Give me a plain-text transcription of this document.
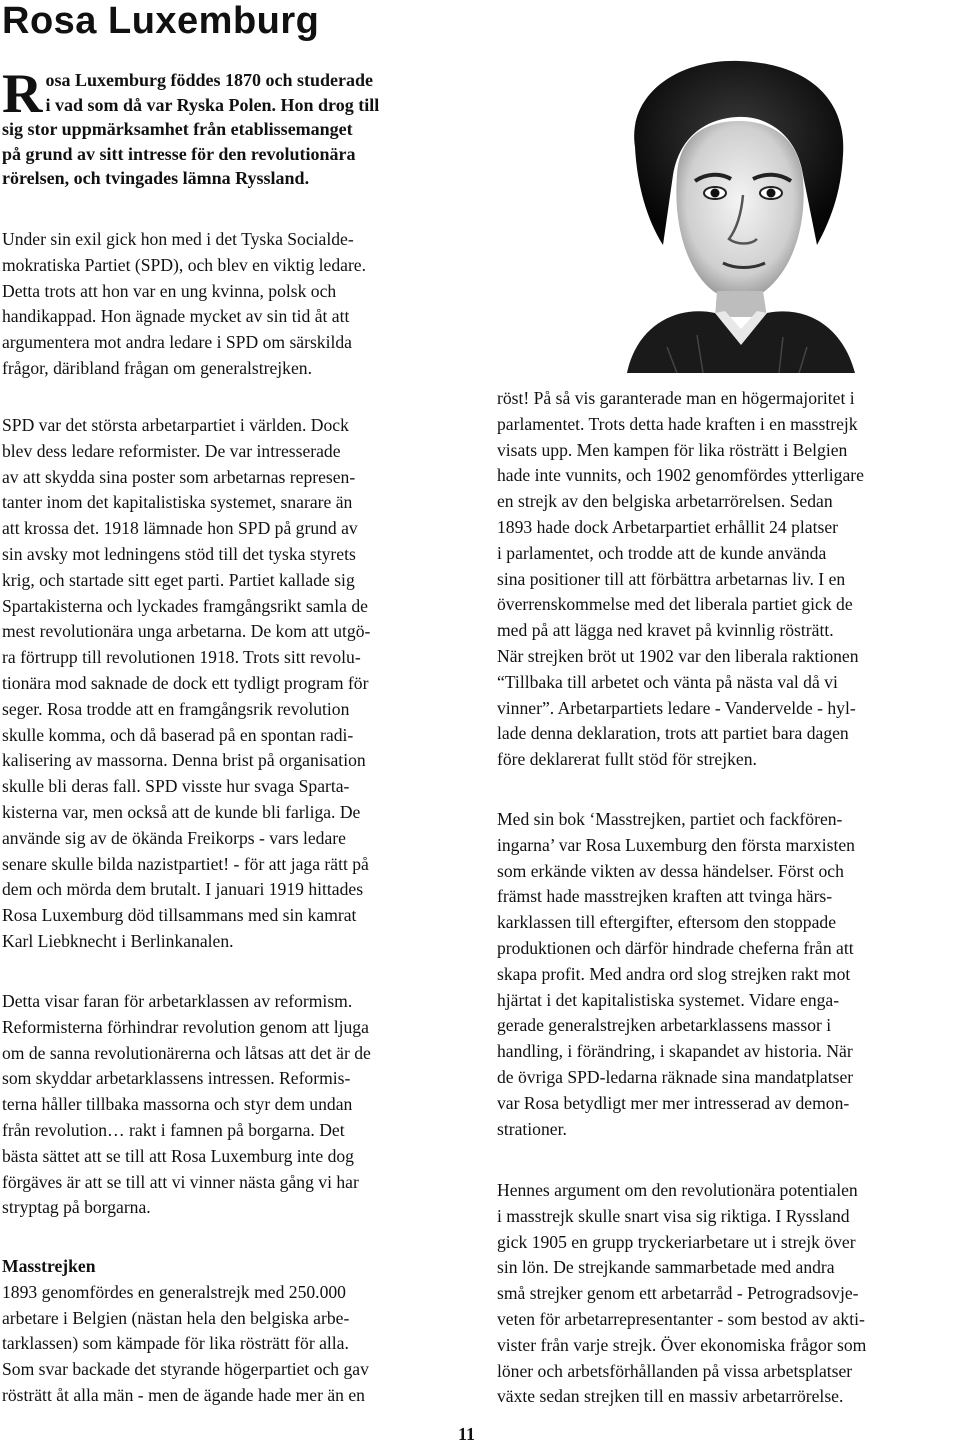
Rosa Luxemburg
Rosa Luxemburg föddes 1870 och studerade
i vad som då var Ryska Polen. Hon drog till
sig stor uppmärksamhet från etablissemanget
på grund av sitt intresse för den revolutionära
rörelsen, och tvingades lämna Ryssland.

Under sin exil gick hon med i det Tyska Socialde-
mokratiska Partiet (SPD), och blev en viktig ledare.
Detta trots att hon var en ung kvinna, polsk och
handikappad. Hon ägnade mycket av sin tid åt att
argumentera mot andra ledare i SPD om särskilda
frågor, däribland frågan om generalstrejken.

SPD var det största arbetarpartiet i världen. Dock
blev dess ledare reformister. De var intresserade
av att skydda sina poster som arbetarnas represen-
tanter inom det kapitalistiska systemet, snarare än
att krossa det. 1918 lämnade hon SPD på grund av
sin avsky mot ledningens stöd till det tyska styrets
krig, och startade sitt eget parti. Partiet kallade sig
Spartakisterna och lyckades framgångsrikt samla de
mest revolutionära unga arbetarna. De kom att utgö-
ra förtrupp till revolutionen 1918. Trots sitt revolu-
tionära mod saknade de dock ett tydligt program för
seger. Rosa trodde att en framgångsrik revolution
skulle komma, och då baserad på en spontan radi-
kalisering av massorna. Denna brist på organisation
skulle bli deras fall. SPD visste hur svaga Sparta-
kisterna var, men också att de kunde bli farliga. De
använde sig av de ökända Freikorps - vars ledare
senare skulle bilda nazistpartiet! - för att jaga rätt på
dem och mörda dem brutalt. I januari 1919 hittades
Rosa Luxemburg död tillsammans med sin kamrat
Karl Liebknecht i Berlinkanalen.

Detta visar faran för arbetarklassen av reformism.
Reformisterna förhindrar revolution genom att ljuga
om de sanna revolutionärerna och låtsas att det är de
som skyddar arbetarklassens intressen. Reformis-
terna håller tillbaka massorna och styr dem undan
från revolution… rakt i famnen på borgarna. Det
bästa sättet att se till att Rosa Luxemburg inte dog
förgäves är att se till att vi vinner nästa gång vi har
stryptag på borgarna.

Masstrejken

1893 genomfördes en generalstrejk med 250.000
arbetare i Belgien (nästan hela den belgiska arbe-
tarklassen) som kämpade för lika rösträtt för alla.
Som svar backade det styrande högerpartiet och gav
rösträtt åt alla män - men de ägande hade mer än en

röst! På så vis garanterade man en högermajoritet i
parlamentet. Trots detta hade kraften i en masstrejk
visats upp. Men kampen för lika rösträtt i Belgien
hade inte vunnits, och 1902 genomfördes ytterligare
en strejk av den belgiska arbetarrörelsen. Sedan
1893 hade dock Arbetarpartiet erhållit 24 platser
i parlamentet, och trodde att de kunde använda
sina positioner till att förbättra arbetarnas liv. I en
överrenskommelse med det liberala partiet gick de
med på att lägga ned kravet på kvinnlig rösträtt.
När strejken bröt ut 1902 var den liberala raktionen
“Tillbaka till arbetet och vänta på nästa val då vi
vinner”. Arbetarpartiets ledare - Vandervelde - hyl-
lade denna deklaration, trots att partiet bara dagen
före deklarerat fullt stöd för strejken.

Med sin bok ‘Masstrejken, partiet och fackfören-
ingarna’ var Rosa Luxemburg den första marxisten
som erkände vikten av dessa händelser. Först och
främst hade masstrejken kraften att tvinga härs-
karklassen till eftergifter, eftersom den stoppade
produktionen och därför hindrade cheferna från att
skapa profit. Med andra ord slog strejken rakt mot
hjärtat i det kapitalistiska systemet. Vidare enga-
gerade generalstrejken arbetarklassens massor i
handling, i förändring, i skapandet av historia. När
de övriga SPD-ledarna räknade sina mandatplatser
var Rosa betydligt mer mer intresserad av demon-
strationer.

Hennes argument om den revolutionära potentialen
i masstrejk skulle snart visa sig riktiga. I Ryssland
gick 1905 en grupp tryckeriarbetare ut i strejk över
sin lön. De strejkande sammarbetade med andra
små strejker genom ett arbetarråd - Petrogradsovje-
veten för arbetarrepresentanter - som bestod av akti-
vister från varje strejk. Över ekonomiska frågor som
löner och arbetsförhållanden på vissa arbetsplatser
växte sedan strejken till en massiv arbetarrörelse.

11
